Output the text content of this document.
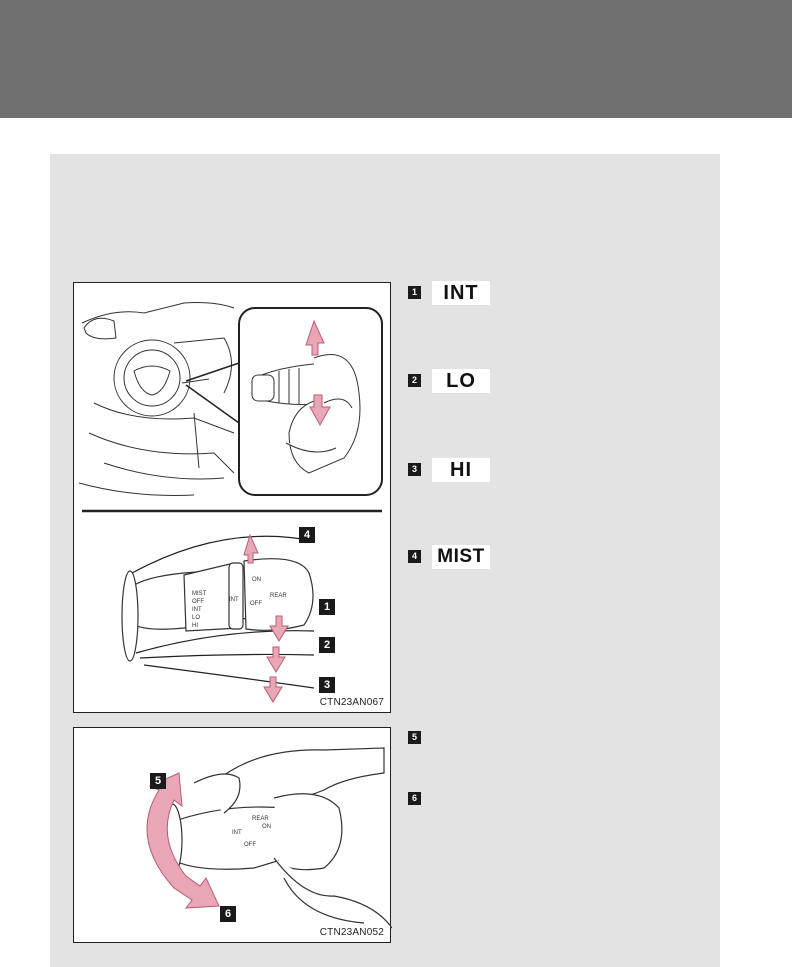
MIST
OFF
INT
LO
HI
ON
OFF
INT
REAR
4
1
2
3
CTN23AN067
INT
OFF
ON
REAR
5
6
CTN23AN052
1	INT
2	LO
3	HI
4 MIST
5
6
